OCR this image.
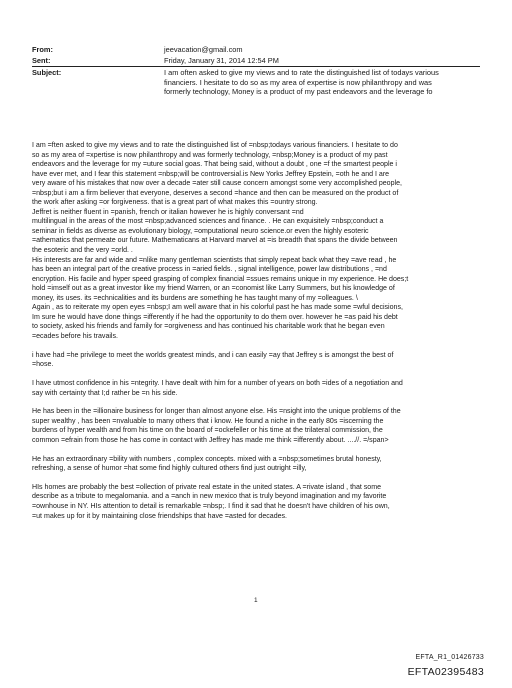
From:	jeevacation@gmail.com
Sent:	Friday, January 31, 2014 12:54 PM
Subject:	I am often asked to give my views and to rate the distinguished list of todays various
financiers. I hesitate to do so as my area of expertise is now philanthropy and was
formerly technology, Money is a product of my past endeavors and the leverage fo

I am =ften asked to give my views and to rate the distinguished list of =nbsp;todays various financiers. I hesitate to do
so as my area of =xpertise is now philanthropy and was formerly technology, =nbsp;Money is a product of my past
endeavors and the leverage for my =uture social goas. That being said, without a doubt , one =f the smartest people i
have ever met, and I fear this statement =nbsp;will be controversial.is New Yorks Jeffrey Epstein, =oth he and I are
very aware of his mistakes that now over a decade =ater still cause concern amongst some very accomplished people,
=nbsp;but i am a firm believer that everyone, deserves a second =hance and then can be measured on the product of
the work after asking =or forgiveness. that is a great part of what makes this =ountry strong.
Jeffret is neither fluent in =panish, french or italian however he is highly conversant =nd
multilingual in the areas of the most =nbsp;advanced sciences and finance. . He can exquisitely =nbsp;conduct a
seminar in fields as diverse as evolutionary biology, =omputational neuro science.or even the highly esoteric
=athematics that permeate our future. Mathematicans at Harvard marvel at =is breadth that spans the divide between
the esoteric and the very =orld. .
His interests are far and wide and =nlike many gentleman scientists that simply repeat back what they =ave read , he
has been an integral part of the creative process in =aried fields. , signal intelligence, power law distributions , =nd
encryption. His facile and hyper speed grasping of complex financial =ssues remains unique in my experience. He does;t
hold =imself out as a great investor like my friend Warren, or an =conomist like Larry Summers, but his knowledge of
money, its uses. its =echnicalities and its burdens are something he has taught many of my =olleagues. \
Again , as to reiterate my open eyes =nbsp;I am well aware that in his colorful past he has made some =wful decisions,
Im sure he would have done things =ifferently if he had the opportunity to do them over. however he =as paid his debt
to society, asked his friends and family for =orgiveness and has continued his charitable work that he began even
=ecades before his travails.

i have had =he privilege to meet the worlds greatest minds, and i can easily =ay that Jeffrey s is amongst the best of
=hose.

I have utmost confidence in his =ntegrity. I have dealt with him for a number of years on both =ides of a negotiation and
say with certainty that I;d rather be =n his side.

He has been in the =illionaire business for longer than almost anyone else. His =nsight into the unique problems of the
super wealthy , has been =nvaluable to many others that i know. He found a niche in the early 80s =iscerning the
burdens of hyper wealth and from his time on the board of =ockefeller or his time at the trilateral commission, the
common =efrain from those he has come in contact with Jeffrey has made me think =ifferently about. ....//. =/span>

He has an extraordinary =bility with numbers , complex concepts. mixed with a =nbsp;sometimes brutal honesty,
refreshing, a sense of humor =hat some find highly cultured others find just outright =illy,

HIs homes are probably the best =ollection of private real estate in the united states. A =rivate island , that some
describe as a tribute to megalomania. and a =anch in new mexico that is truly beyond imagination and my favorite
=ownhouse in NY. HIs attention to detail is remarkable =nbsp;. I find it sad that he doesn't have children of his own,
=ut makes up for it by maintaining close friendships that have =asted for decades.

1
EFTA_R1_01426733
EFTA02395483
